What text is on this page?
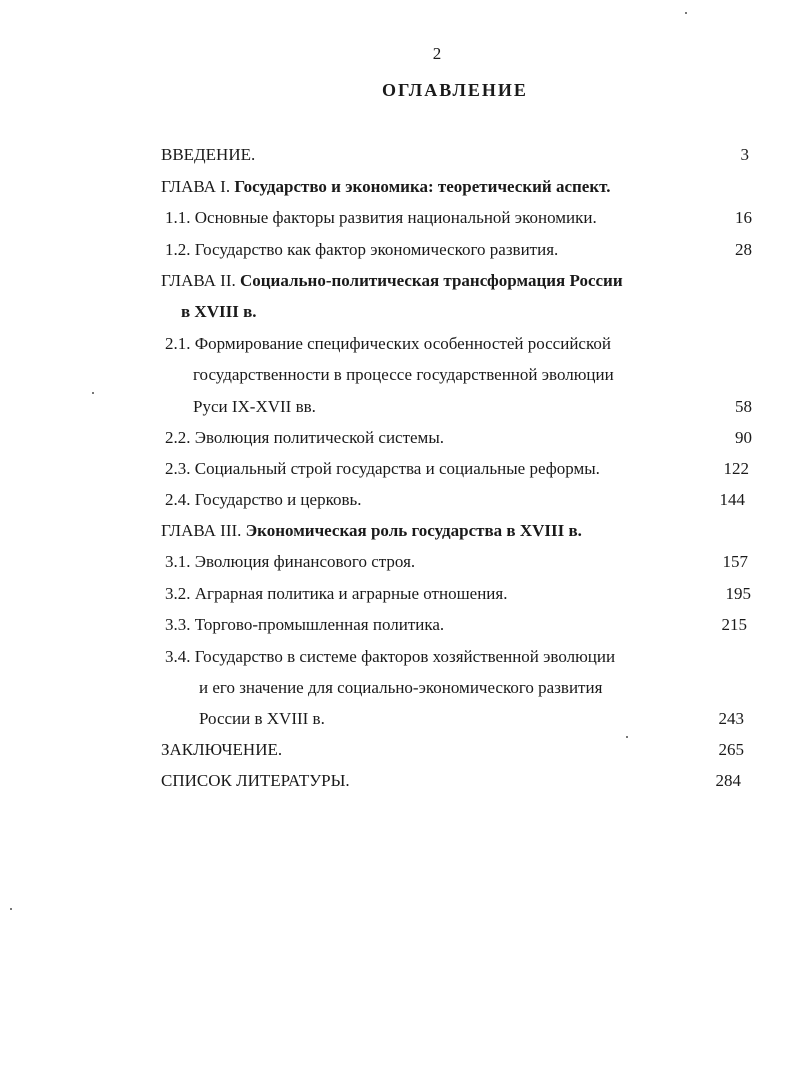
2
ОГЛАВЛЕНИЕ
ВВЕДЕНИЕ.	3
ГЛАВА I. Государство и экономика: теоретический аспект.
1.1. Основные факторы развития национальной экономики.	16
1.2. Государство как фактор экономического развития.	28
ГЛАВА II. Социально-политическая трансформация России
в XVIII в.
2.1. Формирование специфических особенностей российской
государственности в процессе государственной эволюции
Руси IX-XVII вв.	58
2.2. Эволюция политической системы.	90
2.3. Социальный строй государства и социальные реформы.	122
2.4. Государство и церковь.	144
ГЛАВА III. Экономическая роль государства в XVIII в.
3.1. Эволюция финансового строя.	157
3.2. Аграрная политика и аграрные отношения.	195
3.3. Торгово-промышленная политика.	215
3.4. Государство в системе факторов хозяйственной эволюции
и его значение для социально-экономического развития
России в XVIII в.	243
ЗАКЛЮЧЕНИЕ.	265
СПИСОК ЛИТЕРАТУРЫ.	284
